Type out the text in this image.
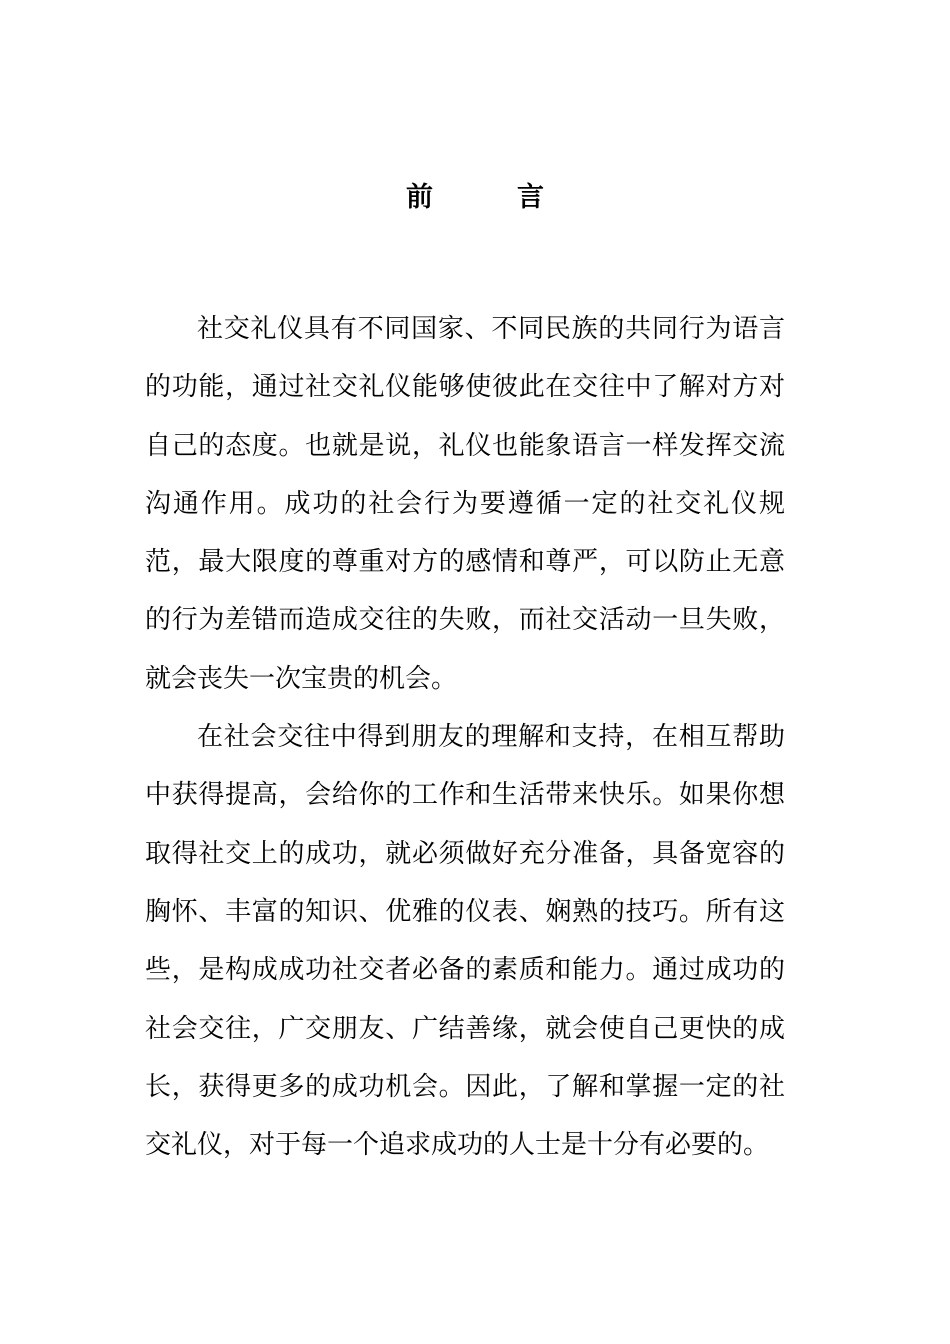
前	言

社交礼仪具有不同国家、不同民族的共同行为语言的功能，通过社交礼仪能够使彼此在交往中了解对方对自己的态度。也就是说，礼仪也能象语言一样发挥交流沟通作用。成功的社会行为要遵循一定的社交礼仪规范，最大限度的尊重对方的感情和尊严，可以防止无意的行为差错而造成交往的失败，而社交活动一旦失败，就会丧失一次宝贵的机会。

在社会交往中得到朋友的理解和支持，在相互帮助中获得提高，会给你的工作和生活带来快乐。如果你想取得社交上的成功，就必须做好充分准备，具备宽容的胸怀、丰富的知识、优雅的仪表、娴熟的技巧。所有这些，是构成成功社交者必备的素质和能力。通过成功的社会交往，广交朋友、广结善缘，就会使自己更快的成长，获得更多的成功机会。因此，了解和掌握一定的社交礼仪，对于每一个追求成功的人士是十分有必要的。
